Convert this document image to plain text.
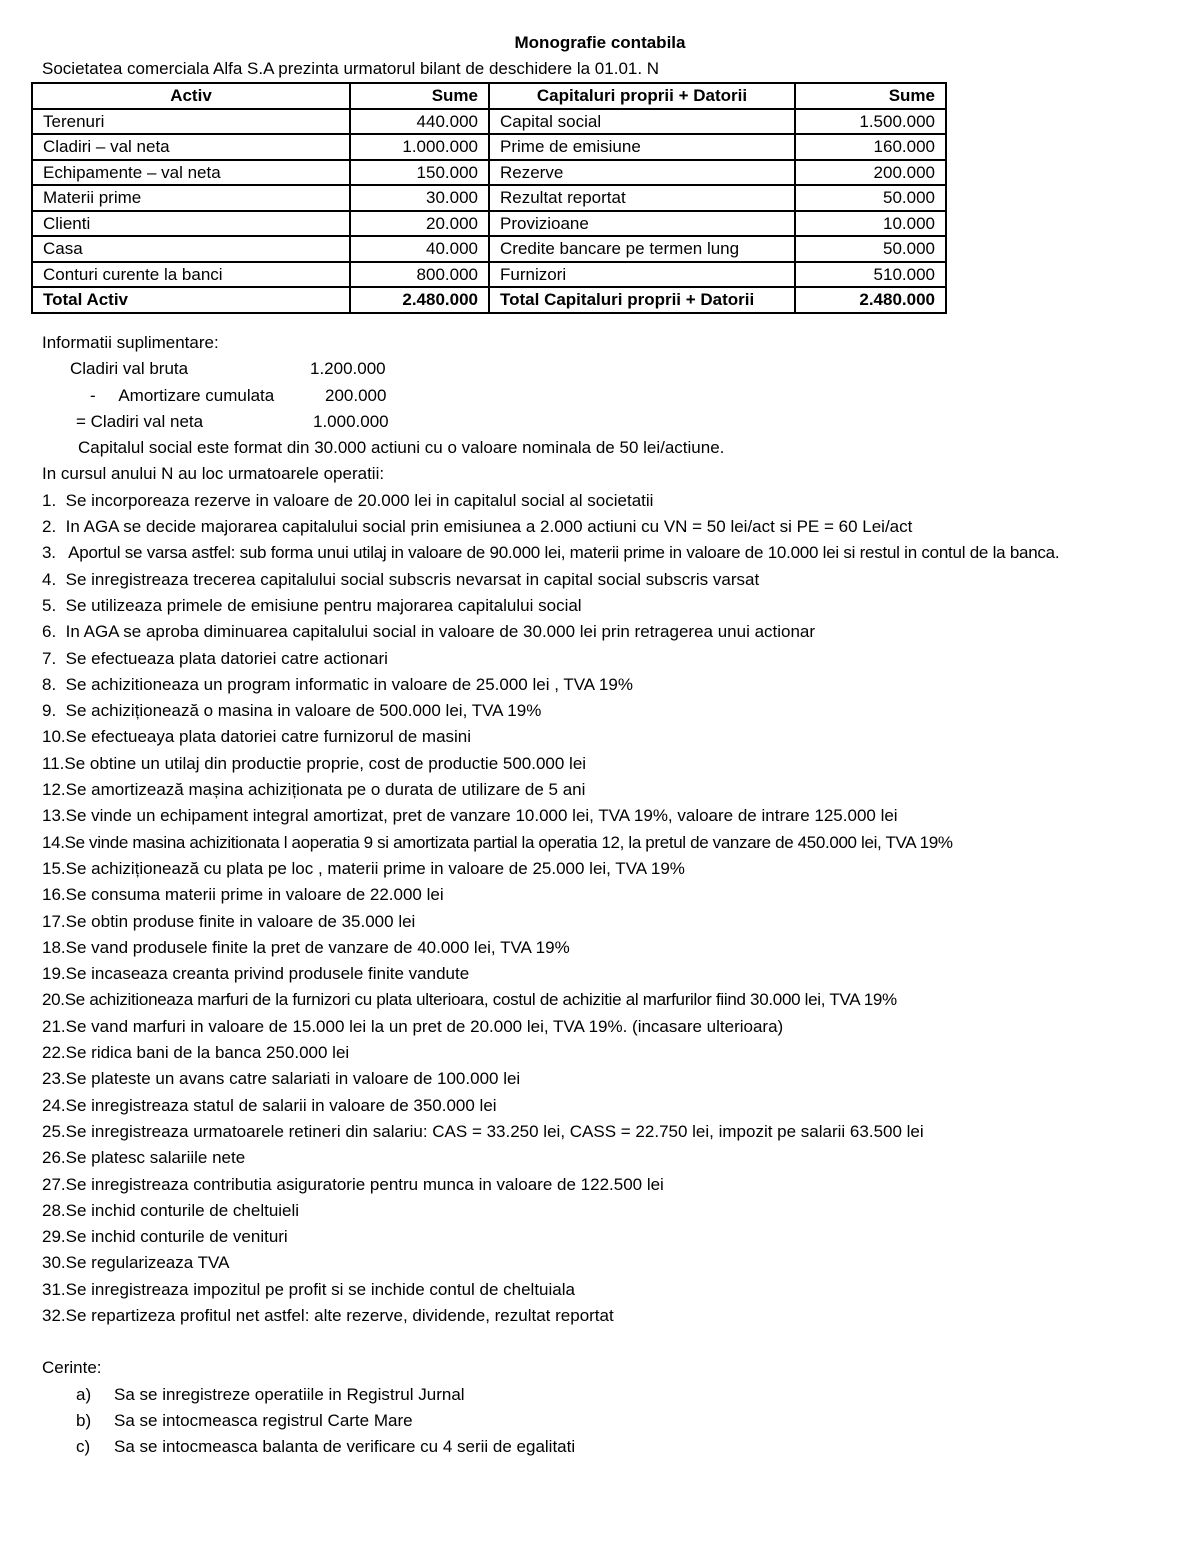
Monografie contabila
Societatea comerciala Alfa S.A prezinta urmatorul bilant de deschidere la 01.01. N
Activ	Sume	Capitaluri proprii + Datorii	Sume
Terenuri	440.000	Capital social	1.500.000
Cladiri – val neta	1.000.000	Prime de emisiune	160.000
Echipamente – val neta	150.000	Rezerve	200.000
Materii prime	30.000	Rezultat reportat	50.000
Clienti	20.000	Provizioane	10.000
Casa	40.000	Credite bancare pe termen lung	50.000
Conturi curente la banci	800.000	Furnizori	510.000
Total Activ	2.480.000	Total Capitaluri proprii + Datorii	2.480.000
Informatii suplimentare:
Cladiri val bruta	1.200.000
-     Amortizare cumulata	200.000
= Cladiri val neta	1.000.000
Capitalul social este format din 30.000 actiuni cu o valoare nominala de 50 lei/actiune.
In cursul anului N au loc urmatoarele operatii:
1. Se incorporeaza rezerve in valoare de 20.000 lei in capitalul social al societatii
2. In AGA se decide majorarea capitalului social prin emisiunea a 2.000 actiuni cu VN = 50 lei/act si PE = 60 Lei/act
3.   Aportul se varsa astfel: sub forma unui utilaj in valoare de 90.000 lei, materii prime in valoare de 10.000 lei si restul in contul de la banca.
4. Se inregistreaza trecerea capitalului social subscris nevarsat in capital social subscris varsat
5. Se utilizeaza primele de emisiune pentru majorarea capitalului social
6. In AGA se aproba diminuarea capitalului social in valoare de 30.000 lei prin retragerea unui actionar
7. Se efectueaza plata datoriei catre actionari
8. Se achizitioneaza un program informatic in valoare de 25.000 lei , TVA 19%
9. Se achiziționează o masina in valoare de 500.000 lei, TVA 19%
10.Se efectueaya plata datoriei catre furnizorul de masini
11.Se obtine un utilaj din productie proprie, cost de productie 500.000 lei
12.Se amortizează mașina achiziționata pe o durata de utilizare de 5 ani
13.Se vinde un echipament integral amortizat, pret de vanzare 10.000 lei, TVA 19%, valoare de intrare 125.000 lei
14.Se vinde masina achizitionata l aoperatia 9 si amortizata partial la operatia 12, la pretul de vanzare de 450.000 lei, TVA 19%
15.Se achiziționează cu plata pe loc , materii prime in valoare de 25.000 lei, TVA 19%
16.Se consuma materii prime in valoare de 22.000 lei
17.Se obtin produse finite in valoare de 35.000 lei
18.Se vand produsele finite la pret de vanzare de 40.000 lei, TVA 19%
19.Se incaseaza creanta privind produsele finite vandute
20.Se achizitioneaza marfuri de la furnizori cu plata ulterioara, costul de achizitie al marfurilor fiind 30.000 lei, TVA 19%
21.Se vand marfuri in valoare de 15.000 lei la un pret de 20.000 lei, TVA 19%. (incasare ulterioara)
22.Se ridica bani de la banca 250.000 lei
23.Se plateste un avans catre salariati in valoare de 100.000 lei
24.Se inregistreaza statul de salarii in valoare de 350.000 lei
25.Se inregistreaza urmatoarele retineri din salariu: CAS = 33.250 lei, CASS = 22.750 lei, impozit pe salarii 63.500 lei
26.Se platesc salariile nete
27.Se inregistreaza contributia asiguratorie pentru munca in valoare de 122.500 lei
28.Se inchid conturile de cheltuieli
29.Se inchid conturile de venituri
30.Se regularizeaza TVA
31.Se inregistreaza impozitul pe profit si se inchide contul de cheltuiala
32.Se repartizeza profitul net astfel: alte rezerve, dividende, rezultat reportat
Cerinte:
a) Sa se inregistreze operatiile in Registrul Jurnal
b) Sa se intocmeasca registrul Carte Mare
c) Sa se intocmeasca balanta de verificare cu 4 serii de egalitati
